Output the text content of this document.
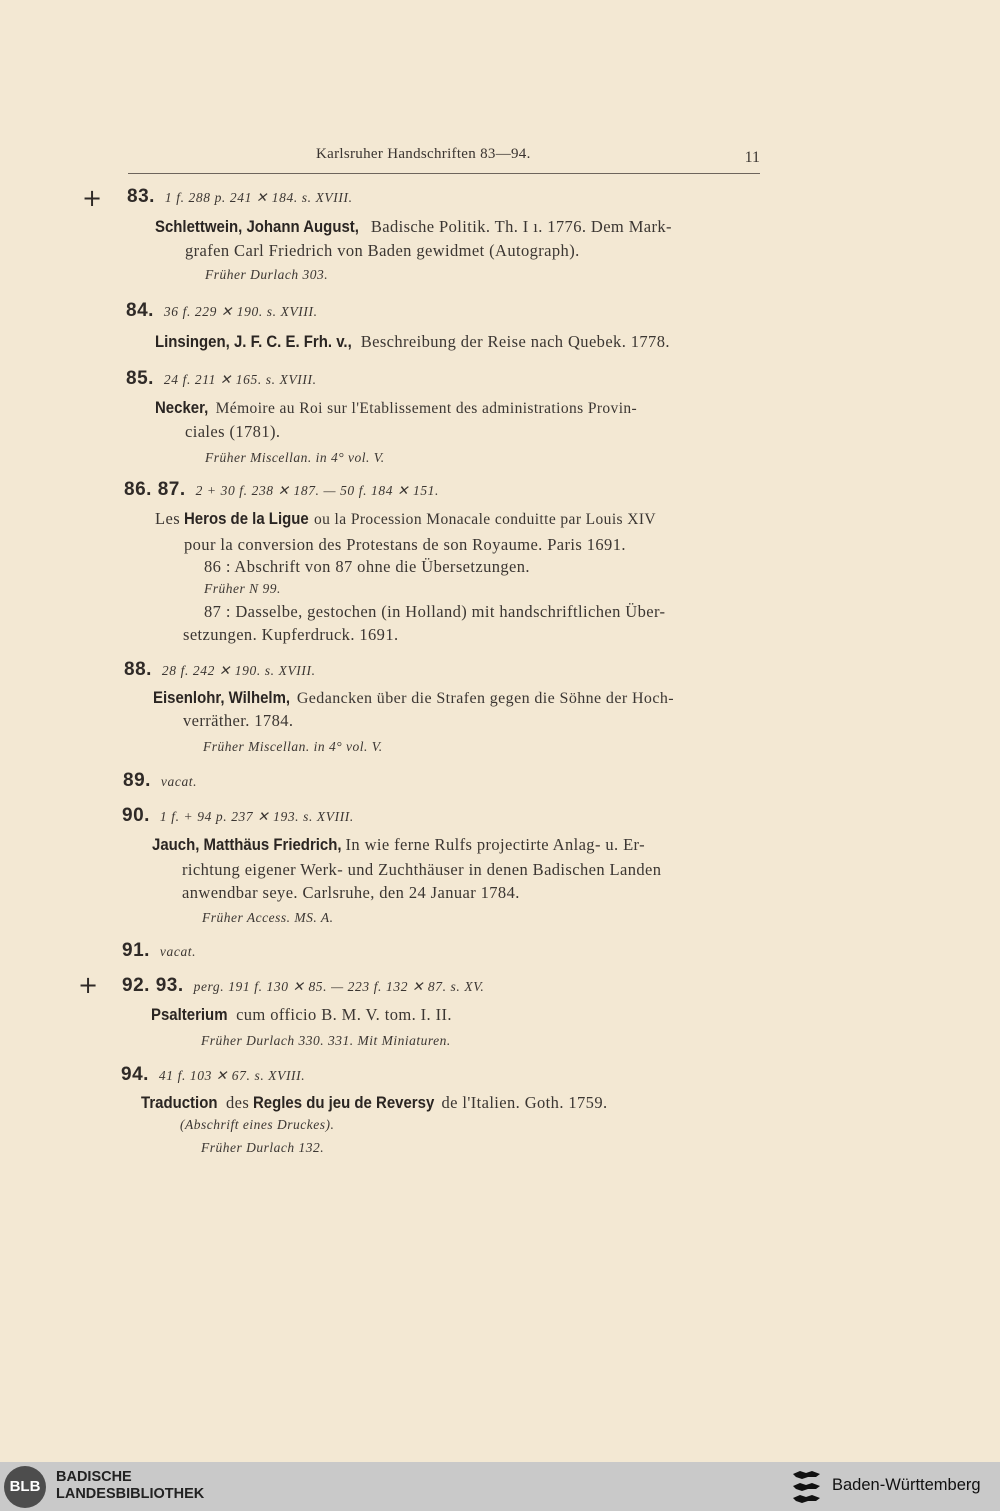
Karlsruher Handschriften 83—94.	11
+ 83. 1 f. 288 p. 241 ✕ 184. s. XVIII.
Schlettwein, Johann August, Badische Politik. Th. I ı. 1776. Dem Mark-
grafen Carl Friedrich von Baden gewidmet (Autograph).
Früher Durlach 303.
84. 36 f. 229 ✕ 190. s. XVIII.
Linsingen, J. F. C. E. Frh. v., Beschreibung der Reise nach Quebek. 1778.
85. 24 f. 211 ✕ 165. s. XVIII.
Necker, Mémoire au Roi sur l'Etablissement des administrations Provin-
ciales (1781).
Früher Miscellan. in 4° vol. V.
86. 87. 2 + 30 f. 238 ✕ 187. — 50 f. 184 ✕ 151.
Les Heros de la Ligue ou la Procession Monacale conduitte par Louis XIV
pour la conversion des Protestans de son Royaume. Paris 1691.
86 : Abschrift von 87 ohne die Übersetzungen.
Früher N 99.
87 : Dasselbe, gestochen (in Holland) mit handschriftlichen Über-
setzungen. Kupferdruck. 1691.
88. 28 f. 242 ✕ 190. s. XVIII.
Eisenlohr, Wilhelm, Gedancken über die Strafen gegen die Söhne der Hoch-
verräther. 1784.
Früher Miscellan. in 4° vol. V.
89. vacat.
90. 1 f. + 94 p. 237 ✕ 193. s. XVIII.
Jauch, Matthäus Friedrich, In wie ferne Rulfs projectirte Anlag- u. Er-
richtung eigener Werk- und Zuchthäuser in denen Badischen Landen
anwendbar seye. Carlsruhe, den 24 Januar 1784.
Früher Access. MS. A.
91. vacat.
+ 92. 93. perg. 191 f. 130 ✕ 85. — 223 f. 132 ✕ 87. s. XV.
Psalterium cum officio B. M. V. tom. I. II.
Früher Durlach 330. 331. Mit Miniaturen.
94. 41 f. 103 ✕ 67. s. XVIII.
Traduction des Regles du jeu de Reversy de l'Italien. Goth. 1759.
(Abschrift eines Druckes).
Früher Durlach 132.
BLB
BADISCHE
LANDESBIBLIOTHEK	Baden-Württemberg
